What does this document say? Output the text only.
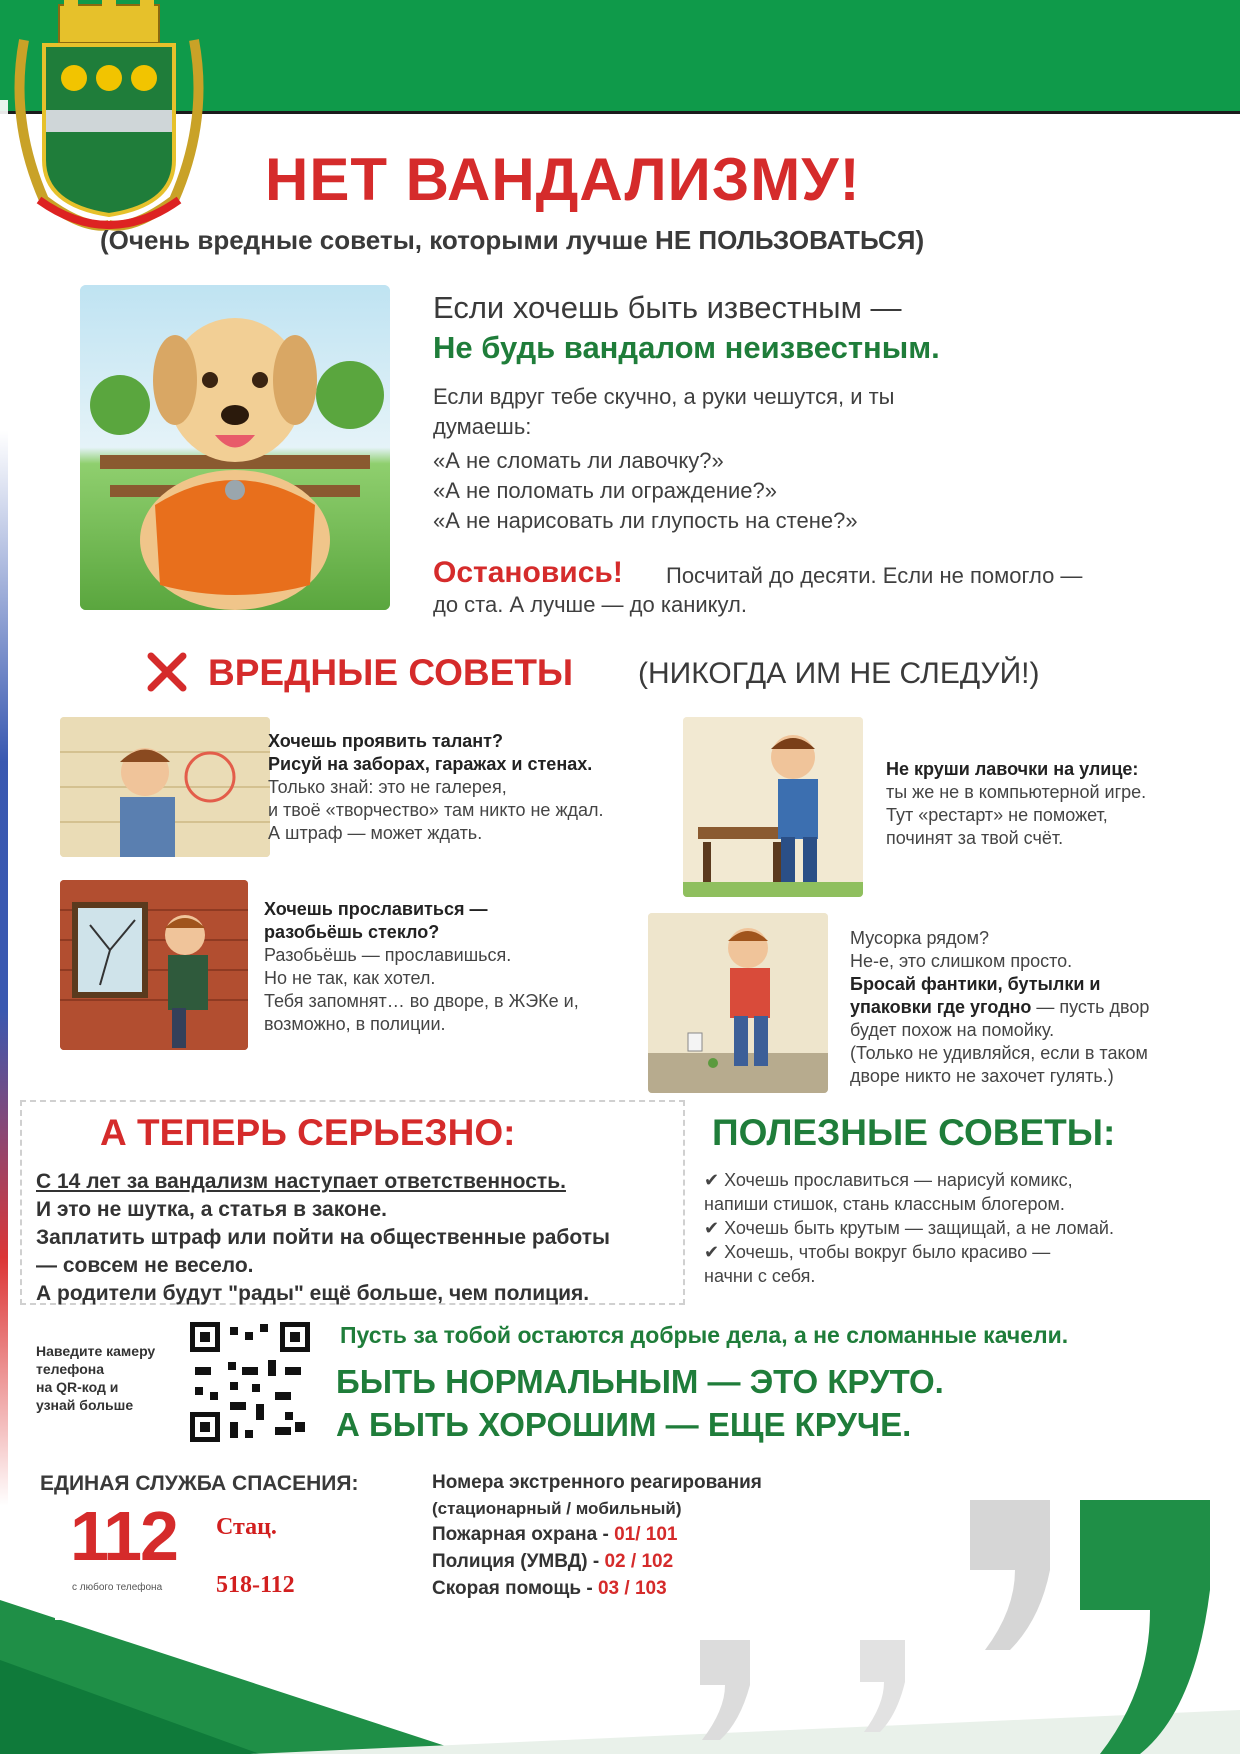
НЕТ ВАНДАЛИЗМУ!
(Очень вредные советы, которыми лучше НЕ ПОЛЬЗОВАТЬСЯ)
Если хочешь быть известным —
Не будь вандалом неизвестным.
Если вдруг тебе скучно, а руки чешутся, и ты думаешь:
«А не сломать ли лавочку?»
«А не поломать ли ограждение?»
«А не нарисовать ли глупость на стене?»
Остановись! Посчитай до десяти. Если не помогло —
до ста. А лучше — до каникул.
ВРЕДНЫЕ СОВЕТЫ (НИКОГДА ИМ НЕ СЛЕДУЙ!)
Хочешь проявить талант?
Рисуй на заборах, гаражах и стенах.
Только знай: это не галерея,
и твоё «творчество» там никто не ждал.
А штраф — может ждать.
Не круши лавочки на улице:
ты же не в компьютерной игре.
Тут «рестарт» не поможет,
починят за твой счёт.
Хочешь прославиться —
разобьёшь стекло?
Разобьёшь — прославишься.
Но не так, как хотел.
Тебя запомнят… во дворе, в ЖЭКе и,
возможно, в полиции.
Мусорка рядом?
Не-е, это слишком просто.
Бросай фантики, бутылки и
упаковки где угодно — пусть двор
будет похож на помойку.
(Только не удивляйся, если в таком
дворе никто не захочет гулять.)
А ТЕПЕРЬ СЕРЬЕЗНО:
С 14 лет за вандализм наступает ответственность.
И это не шутка, а статья в законе.
Заплатить штраф или пойти на общественные работы
— совсем не весело.
А родители будут "рады" ещё больше, чем полиция.
ПОЛЕЗНЫЕ СОВЕТЫ:
✔ Хочешь прославиться — нарисуй комикс,
напиши стишок, стань классным блогером.
✔ Хочешь быть крутым — защищай, а не ломай.
✔ Хочешь, чтобы вокруг было красиво —
начни с себя.
Наведите камеру
телефона
на QR-код и
узнай больше
Пусть за тобой остаются добрые дела, а не сломанные качели.
БЫТЬ НОРМАЛЬНЫМ — ЭТО КРУТО.
А БЫТЬ ХОРОШИМ — ЕЩЕ КРУЧЕ.
ЕДИНАЯ СЛУЖБА СПАСЕНИЯ:
112
с любого телефона
Стац.
518-112
Номера экстренного реагирования
(стационарный / мобильный)
Пожарная охрана - 01/ 101
Полиция (УМВД) - 02 / 102
Скорая помощь - 03 / 103
